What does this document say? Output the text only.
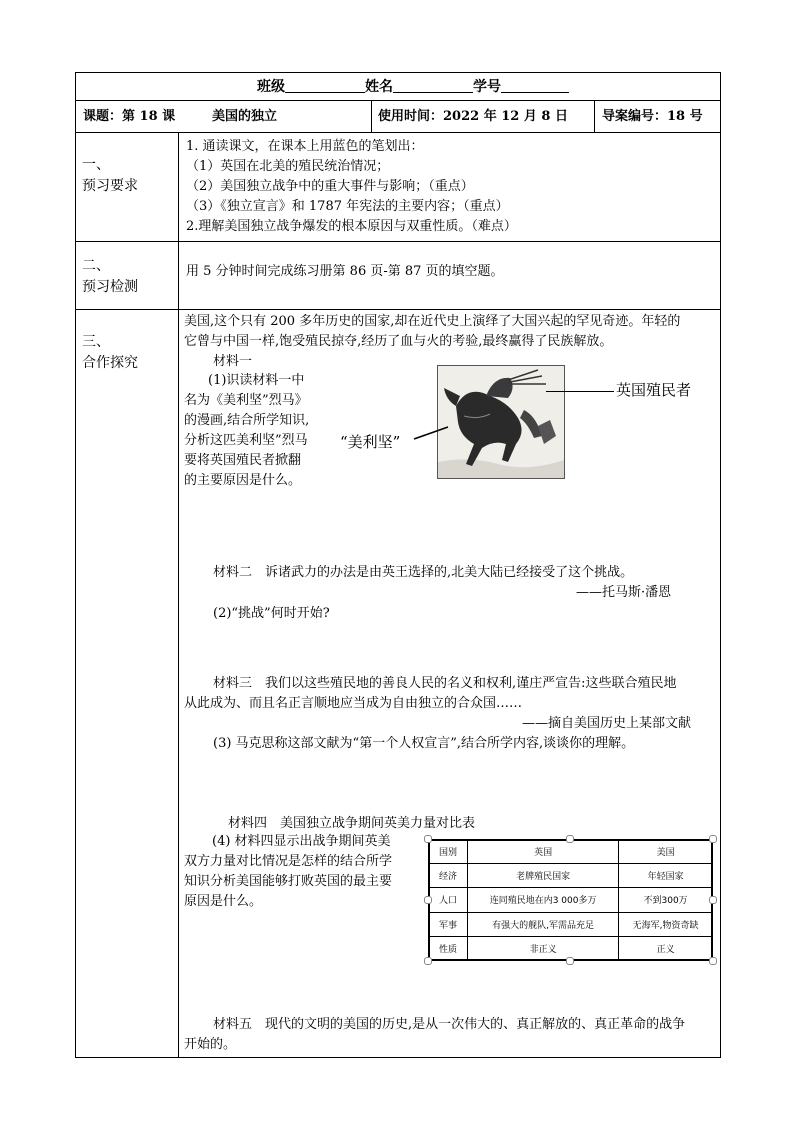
班级	姓名	学号
课题：第 18 课	美国的独立	使用时间：2022 年 12 月 8 日	导案编号：18 号
一、
预习要求
1. 通读课文，在课本上用蓝色的笔划出：
（1）英国在北美的殖民统治情况；
（2）美国独立战争中的重大事件与影响；（重点）
（3）《独立宣言》和 1787 年宪法的主要内容；（重点）
2.理解美国独立战争爆发的根本原因与双重性质。（难点）
二、
预习检测
用 5 分钟时间完成练习册第 86 页-第 87 页的填空题。
三、
合作探究
美国,这个只有 200 多年历史的国家,却在近代史上演绎了大国兴起的罕见奇迹。年轻的
它曾与中国一样,饱受殖民掠夺,经历了血与火的考验,最终赢得了民族解放。
材料一
(1)识读材料一中
名为《美利坚”烈马》
的漫画,结合所学知识,
分析这匹美利坚”烈马
要将英国殖民者掀翻
的主要原因是什么。
英国殖民者
“美利坚”
材料二　诉诸武力的办法是由英王选择的,北美大陆已经接受了这个挑战。
——托马斯·潘恩
(2)“挑战”何时开始?
材料三　我们以这些殖民地的善良人民的名义和权利,谨庄严宣告:这些联合殖民地
从此成为、而且名正言顺地应当成为自由独立的合众国……
——摘自美国历史上某部文献
(3) 马克思称这部文献为“第一个人权宣言”,结合所学内容,谈谈你的理解。
材料四　美国独立战争期间英美力量对比表
(4) 材料四显示出战争期间英美
双方力量对比情况是怎样的结合所学
知识分析美国能够打败英国的最主要
原因是什么。
国别	英国	美国
经济	老牌殖民国家	年轻国家
人口	连同殖民地在内3 000多万	不到300万
军事	有强大的舰队,军需品充足	无海军,物资奇缺
性质	非正义	正义
材料五　现代的文明的美国的历史,是从一次伟大的、真正解放的、真正革命的战争
开始的。
